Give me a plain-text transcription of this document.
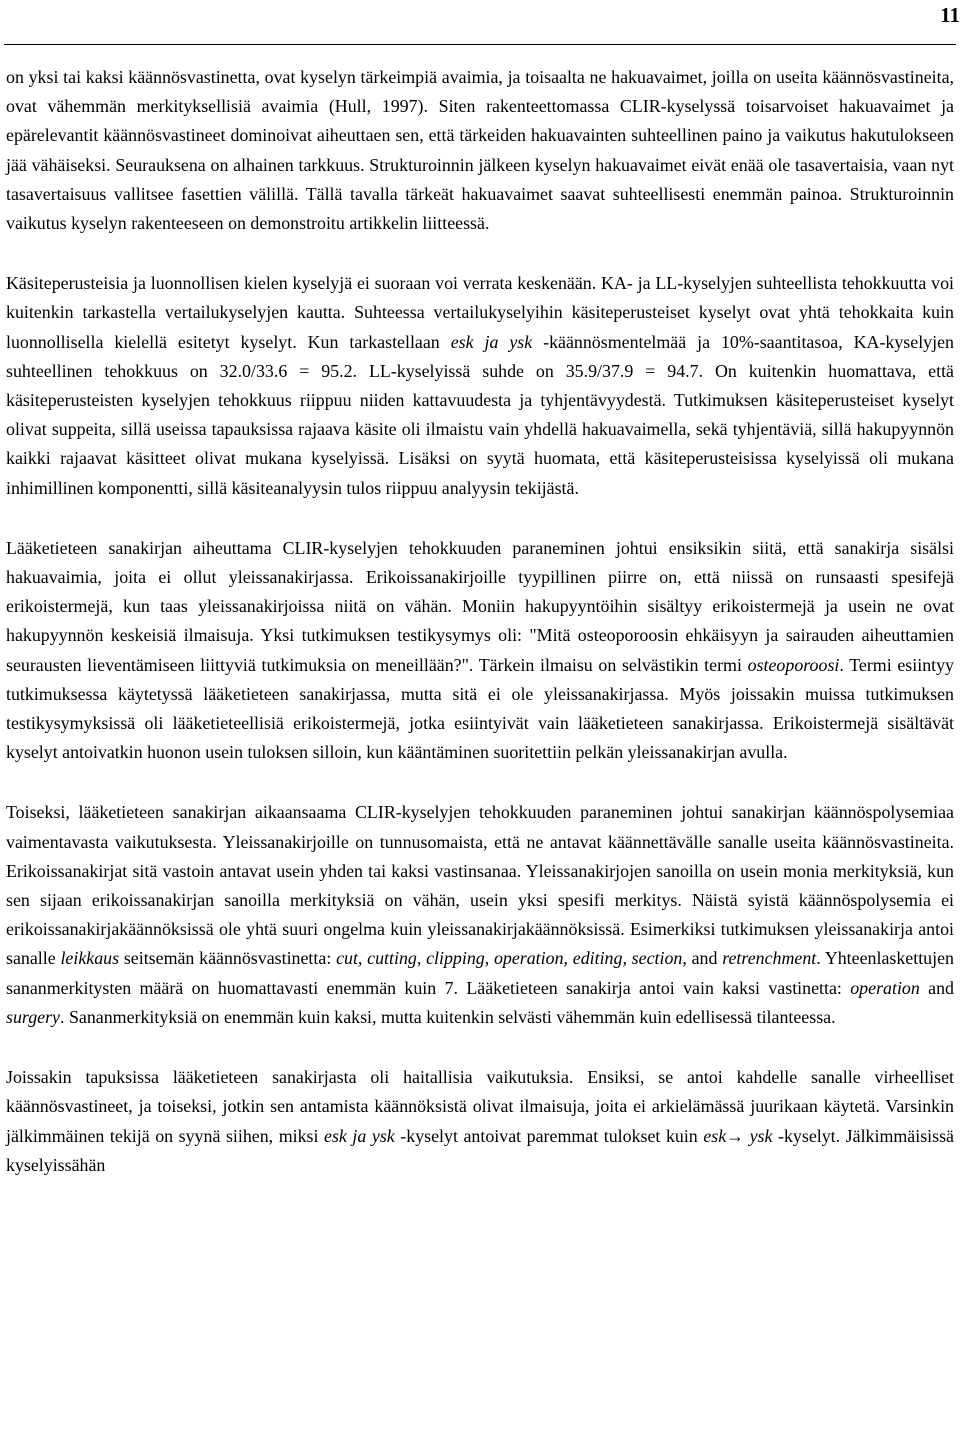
11

on yksi tai kaksi käännösvastinetta, ovat kyselyn tärkeimpiä avaimia, ja toisaalta ne hakuavaimet, joilla on useita käännösvastineita, ovat vähemmän merkityksellisiä avaimia (Hull, 1997). Siten rakenteettomassa CLIR-kyselyssä toisarvoiset hakuavaimet ja epärelevantit käännösvastineet dominoivat aiheuttaen sen, että tärkeiden hakuavainten suhteellinen paino ja vaikutus hakutulokseen jää vähäiseksi. Seurauksena on alhainen tarkkuus. Strukturoinnin jälkeen kyselyn hakuavaimet eivät enää ole tasavertaisia, vaan nyt tasavertaisuus vallitsee fasettien välillä. Tällä tavalla tärkeät hakuavaimet saavat suhteellisesti enemmän painoa. Strukturoinnin vaikutus kyselyn rakenteeseen on demonstroitu artikkelin liitteessä.

Käsiteperusteisia ja luonnollisen kielen kyselyjä ei suoraan voi verrata keskenään. KA- ja LL-kyselyjen suhteellista tehokkuutta voi kuitenkin tarkastella vertailukyselyjen kautta. Suhteessa vertailukyselyihin käsiteperusteiset kyselyt ovat yhtä tehokkaita kuin luonnollisella kielellä esitetyt kyselyt. Kun tarkastellaan esk ja ysk -käännösmentelmää ja 10%-saantitasoa, KA-kyselyjen suhteellinen tehokkuus on 32.0/33.6 = 95.2. LL-kyselyissä suhde on 35.9/37.9 = 94.7. On kuitenkin huomattava, että käsiteperusteisten kyselyjen tehokkuus riippuu niiden kattavuudesta ja tyhjentävyydestä. Tutkimuksen käsiteperusteiset kyselyt olivat suppeita, sillä useissa tapauksissa rajaava käsite oli ilmaistu vain yhdellä hakuavaimella, sekä tyhjentäviä, sillä hakupyynnön kaikki rajaavat käsitteet olivat mukana kyselyissä. Lisäksi on syytä huomata, että käsiteperusteisissa kyselyissä oli mukana inhimillinen komponentti, sillä käsiteanalyysin tulos riippuu analyysin tekijästä.

Lääketieteen sanakirjan aiheuttama CLIR-kyselyjen tehokkuuden paraneminen johtui ensiksikin siitä, että sanakirja sisälsi hakuavaimia, joita ei ollut yleissanakirjassa. Erikoissanakirjoille tyypillinen piirre on, että niissä on runsaasti spesifejä erikoistermejä, kun taas yleissanakirjoissa niitä on vähän. Moniin hakupyyntöihin sisältyy erikoistermejä ja usein ne ovat hakupyynnön keskeisiä ilmaisuja. Yksi tutkimuksen testikysymys oli: "Mitä osteoporoosin ehkäisyyn ja sairauden aiheuttamien seurausten lieventämiseen liittyviä tutkimuksia on meneillään?". Tärkein ilmaisu on selvästikin termi osteoporoosi. Termi esiintyy tutkimuksessa käytetyssä lääketieteen sanakirjassa, mutta sitä ei ole yleissanakirjassa. Myös joissakin muissa tutkimuksen testikysymyksissä oli lääketieteellisiä erikoistermejä, jotka esiintyivät vain lääketieteen sanakirjassa. Erikoistermejä sisältävät kyselyt antoivatkin huonon usein tuloksen silloin, kun kääntäminen suoritettiin pelkän yleissanakirjan avulla.

Toiseksi, lääketieteen sanakirjan aikaansaama CLIR-kyselyjen tehokkuuden paraneminen johtui sanakirjan käännöspolysemiaa vaimentavasta vaikutuksesta. Yleissanakirjoille on tunnusomaista, että ne antavat käännettävälle sanalle useita käännösvastineita. Erikoissanakirjat sitä vastoin antavat usein yhden tai kaksi vastinsanaa. Yleissanakirjojen sanoilla on usein monia merkityksiä, kun sen sijaan erikoissanakirjan sanoilla merkityksiä on vähän, usein yksi spesifi merkitys. Näistä syistä käännöspolysemia ei erikoissanakirjakäännöksissä ole yhtä suuri ongelma kuin yleissanakirjakäännöksissä. Esimerkiksi tutkimuksen yleissanakirja antoi sanalle leikkaus seitsemän käännösvastinetta: cut, cutting, clipping, operation, editing, section, and retrenchment. Yhteenlaskettujen sananmerkitysten määrä on huomattavasti enemmän kuin 7. Lääketieteen sanakirja antoi vain kaksi vastinetta: operation and surgery. Sananmerkityksiä on enemmän kuin kaksi, mutta kuitenkin selvästi vähemmän kuin edellisessä tilanteessa.

Joissakin tapuksissa lääketieteen sanakirjasta oli haitallisia vaikutuksia. Ensiksi, se antoi kahdelle sanalle virheelliset käännösvastineet, ja toiseksi, jotkin sen antamista käännöksistä olivat ilmaisuja, joita ei arkielämässä juurikaan käytetä. Varsinkin jälkimmäinen tekijä on syynä siihen, miksi esk ja ysk -kyselyt antoivat paremmat tulokset kuin esk→ ysk -kyselyt. Jälkimmäisissä kyselyissähän
